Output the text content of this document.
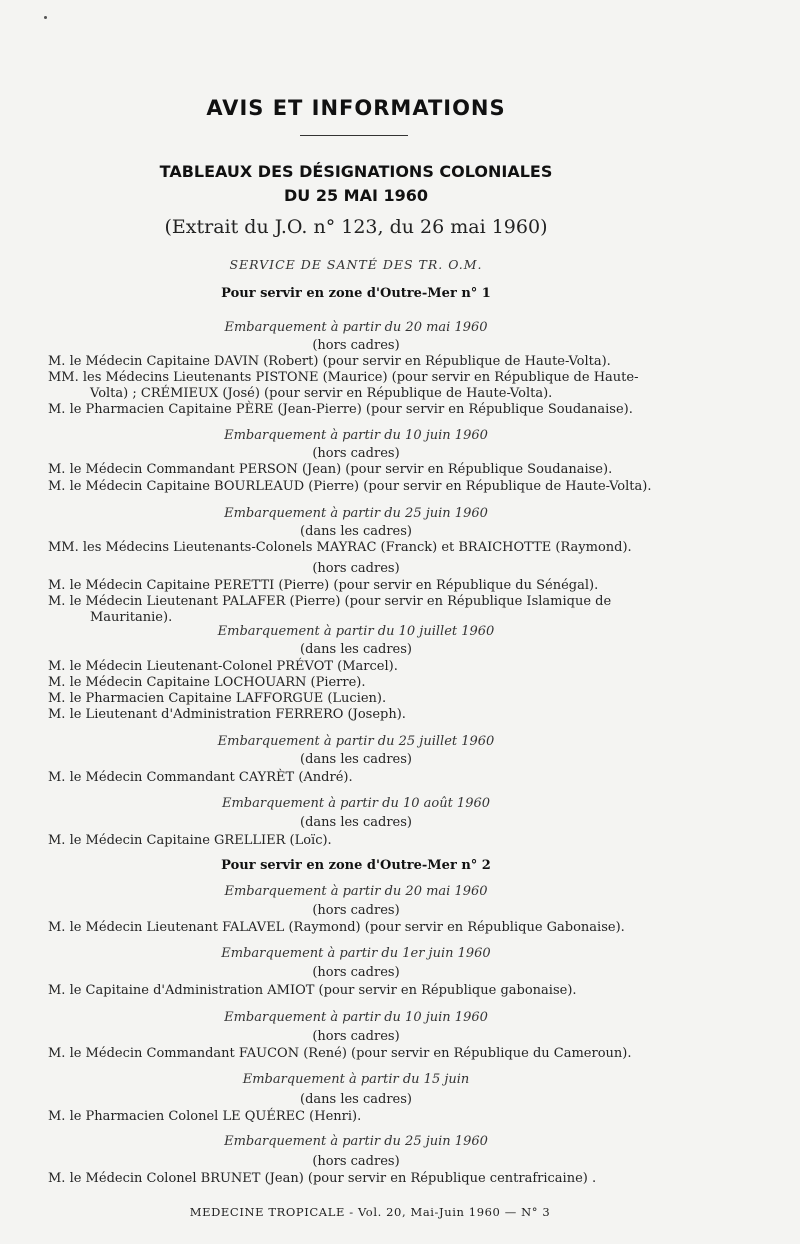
AVIS ET INFORMATIONS
TABLEAUX DES DÉSIGNATIONS COLONIALES
DU 25 MAI 1960
(Extrait du J.O. n° 123, du 26 mai 1960)
SERVICE DE SANTÉ DES TR. O.M.
Pour servir en zone d'Outre-Mer n° 1
Embarquement à partir du 20 mai 1960
(hors cadres)
M. le Médecin Capitaine DAVIN (Robert) (pour servir en République de Haute-Volta).
MM. les Médecins Lieutenants PISTONE (Maurice) (pour servir en République de Haute-
Volta) ; CRÉMIEUX (José) (pour servir en République de Haute-Volta).
M. le Pharmacien Capitaine PÈRE (Jean-Pierre) (pour servir en République Soudanaise).
Embarquement à partir du 10 juin 1960
(hors cadres)
M. le Médecin Commandant PERSON (Jean) (pour servir en République Soudanaise).
M. le Médecin Capitaine BOURLEAUD (Pierre) (pour servir en République de Haute-Volta).
Embarquement à partir du 25 juin 1960
(dans les cadres)
MM. les Médecins Lieutenants-Colonels MAYRAC (Franck) et BRAICHOTTE (Raymond).
(hors cadres)
M. le Médecin Capitaine PERETTI (Pierre) (pour servir en République du Sénégal).
M. le Médecin Lieutenant PALAFER (Pierre) (pour servir en République Islamique de
Mauritanie).
Embarquement à partir du 10 juillet 1960
(dans les cadres)
M. le Médecin Lieutenant-Colonel PRÉVOT (Marcel).
M. le Médecin Capitaine LOCHOUARN (Pierre).
M. le Pharmacien Capitaine LAFFORGUE (Lucien).
M. le Lieutenant d'Administration FERRERO (Joseph).
Embarquement à partir du 25 juillet 1960
(dans les cadres)
M. le Médecin Commandant CAYRÈT (André).
Embarquement à partir du 10 août 1960
(dans les cadres)
M. le Médecin Capitaine GRELLIER (Loïc).
Pour servir en zone d'Outre-Mer n° 2
Embarquement à partir du 20 mai 1960
(hors cadres)
M. le Médecin Lieutenant FALAVEL (Raymond) (pour servir en République Gabonaise).
Embarquement à partir du 1er juin 1960
(hors cadres)
M. le Capitaine d'Administration AMIOT (pour servir en République gabonaise).
Embarquement à partir du 10 juin 1960
(hors cadres)
M. le Médecin Commandant FAUCON (René) (pour servir en République du Cameroun).
Embarquement à partir du 15 juin
(dans les cadres)
M. le Pharmacien Colonel LE QUÉREC (Henri).
Embarquement à partir du 25 juin 1960
(hors cadres)
M. le Médecin Colonel BRUNET (Jean) (pour servir en République centrafricaine) .
MEDECINE TROPICALE - Vol. 20, Mai-Juin 1960 — N° 3
